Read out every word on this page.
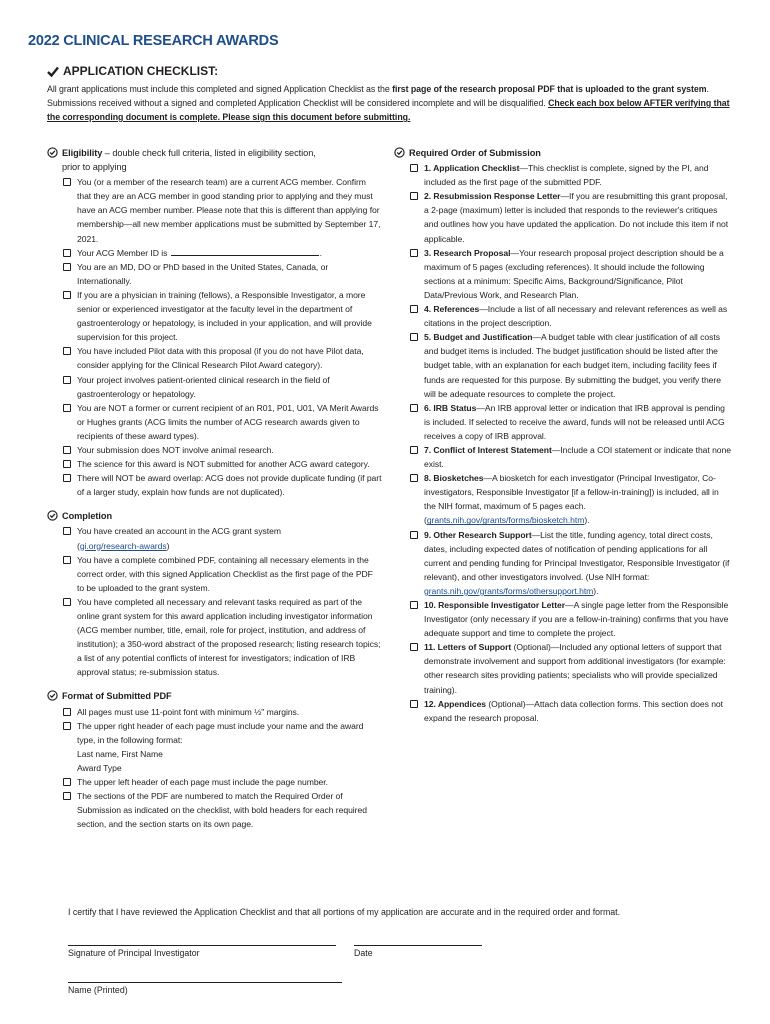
2022 CLINICAL RESEARCH AWARDS
APPLICATION CHECKLIST:
All grant applications must include this completed and signed Application Checklist as the first page of the research proposal PDF that is uploaded to the grant system. Submissions received without a signed and completed Application Checklist will be considered incomplete and will be disqualified. Check each box below AFTER verifying that the corresponding document is complete. Please sign this document before submitting.
Eligibility – double check full criteria, listed in eligibility section,
prior to applying
You (or a member of the research team) are a current ACG member. Confirm that they are an ACG member in good standing prior to applying and they must have an ACG member number. Please note that this is different than applying for membership—all new member applications must be submitted by September 17, 2021.
Your ACG Member ID is	.
You are an MD, DO or PhD based in the United States, Canada, or Internationally.
If you are a physician in training (fellows), a Responsible Investigator, a more senior or experienced investigator at the faculty level in the department of gastroenterology or hepatology, is included in your application, and will provide supervision for this project.
You have included Pilot data with this proposal (if you do not have Pilot data, consider applying for the Clinical Research Pilot Award category).
Your project involves patient-oriented clinical research in the field of gastroenterology or hepatology.
You are NOT a former or current recipient of an R01, P01, U01, VA Merit Awards or Hughes grants (ACG limits the number of ACG research awards given to recipients of these award types).
Your submission does NOT involve animal research.
The science for this award is NOT submitted for another ACG award category.
There will NOT be award overlap: ACG does not provide duplicate funding (if part of a larger study, explain how funds are not duplicated).
Completion
You have created an account in the ACG grant system
(gi.org/research-awards)
You have a complete combined PDF, containing all necessary elements in the correct order, with this signed Application Checklist as the first page of the PDF to be uploaded to the grant system.
You have completed all necessary and relevant tasks required as part of the online grant system for this award application including investigator information (ACG member number, title, email, role for project, institution, and address of institution); a 350-word abstract of the proposed research; listing research topics; a list of any potential conflicts of interest for investigators; indication of IRB approval status; re-submission status.
Format of Submitted PDF
All pages must use 11-point font with minimum ½" margins.
The upper right header of each page must include your name and the award type, in the following format:
Last name, First Name
Award Type
The upper left header of each page must include the page number.
The sections of the PDF are numbered to match the Required Order of Submission as indicated on the checklist, with bold headers for each required section, and the section starts on its own page.
Required Order of Submission
1. Application Checklist—This checklist is complete, signed by the PI, and included as the first page of the submitted PDF.
2. Resubmission Response Letter—If you are resubmitting this grant proposal, a 2-page (maximum) letter is included that responds to the reviewer's critiques and outlines how you have updated the application. Do not include this item if not applicable.
3. Research Proposal—Your research proposal project description should be a maximum of 5 pages (excluding references). It should include the following sections at a minimum: Specific Aims, Background/Significance, Pilot Data/Previous Work, and Research Plan.
4. References—Include a list of all necessary and relevant references as well as citations in the project description.
5. Budget and Justification—A budget table with clear justification of all costs and budget items is included. The budget justification should be listed after the budget table, with an explanation for each budget item, including facility fees if funds are requested for this purpose. By submitting the budget, you verify there will be adequate resources to complete the project.
6. IRB Status—An IRB approval letter or indication that IRB approval is pending is included. If selected to receive the award, funds will not be released until ACG receives a copy of IRB approval.
7. Conflict of Interest Statement—Include a COI statement or indicate that none exist.
8. Biosketches—A biosketch for each investigator (Principal Investigator, Co-investigators, Responsible Investigator [if a fellow-in-training]) is included, all in the NIH format, maximum of 5 pages each. (grants.nih.gov/grants/forms/biosketch.htm).
9. Other Research Support—List the title, funding agency, total direct costs, dates, including expected dates of notification of pending applications for all current and pending funding for Principal Investigator, Responsible Investigator (if relevant), and other investigators involved. (Use NIH format: grants.nih.gov/grants/forms/othersupport.htm).
10. Responsible Investigator Letter—A single page letter from the Responsible Investigator (only necessary if you are a fellow-in-training) confirms that you have adequate support and time to complete the project.
11. Letters of Support (Optional)—Included any optional letters of support that demonstrate involvement and support from additional investigators (for example: other research sites providing patients; specialists who will provide specialized training).
12. Appendices (Optional)—Attach data collection forms. This section does not expand the research proposal.
I certify that I have reviewed the Application Checklist and that all portions of my application are accurate and in the required order and format.
Signature of Principal Investigator	Date
Name (Printed)
